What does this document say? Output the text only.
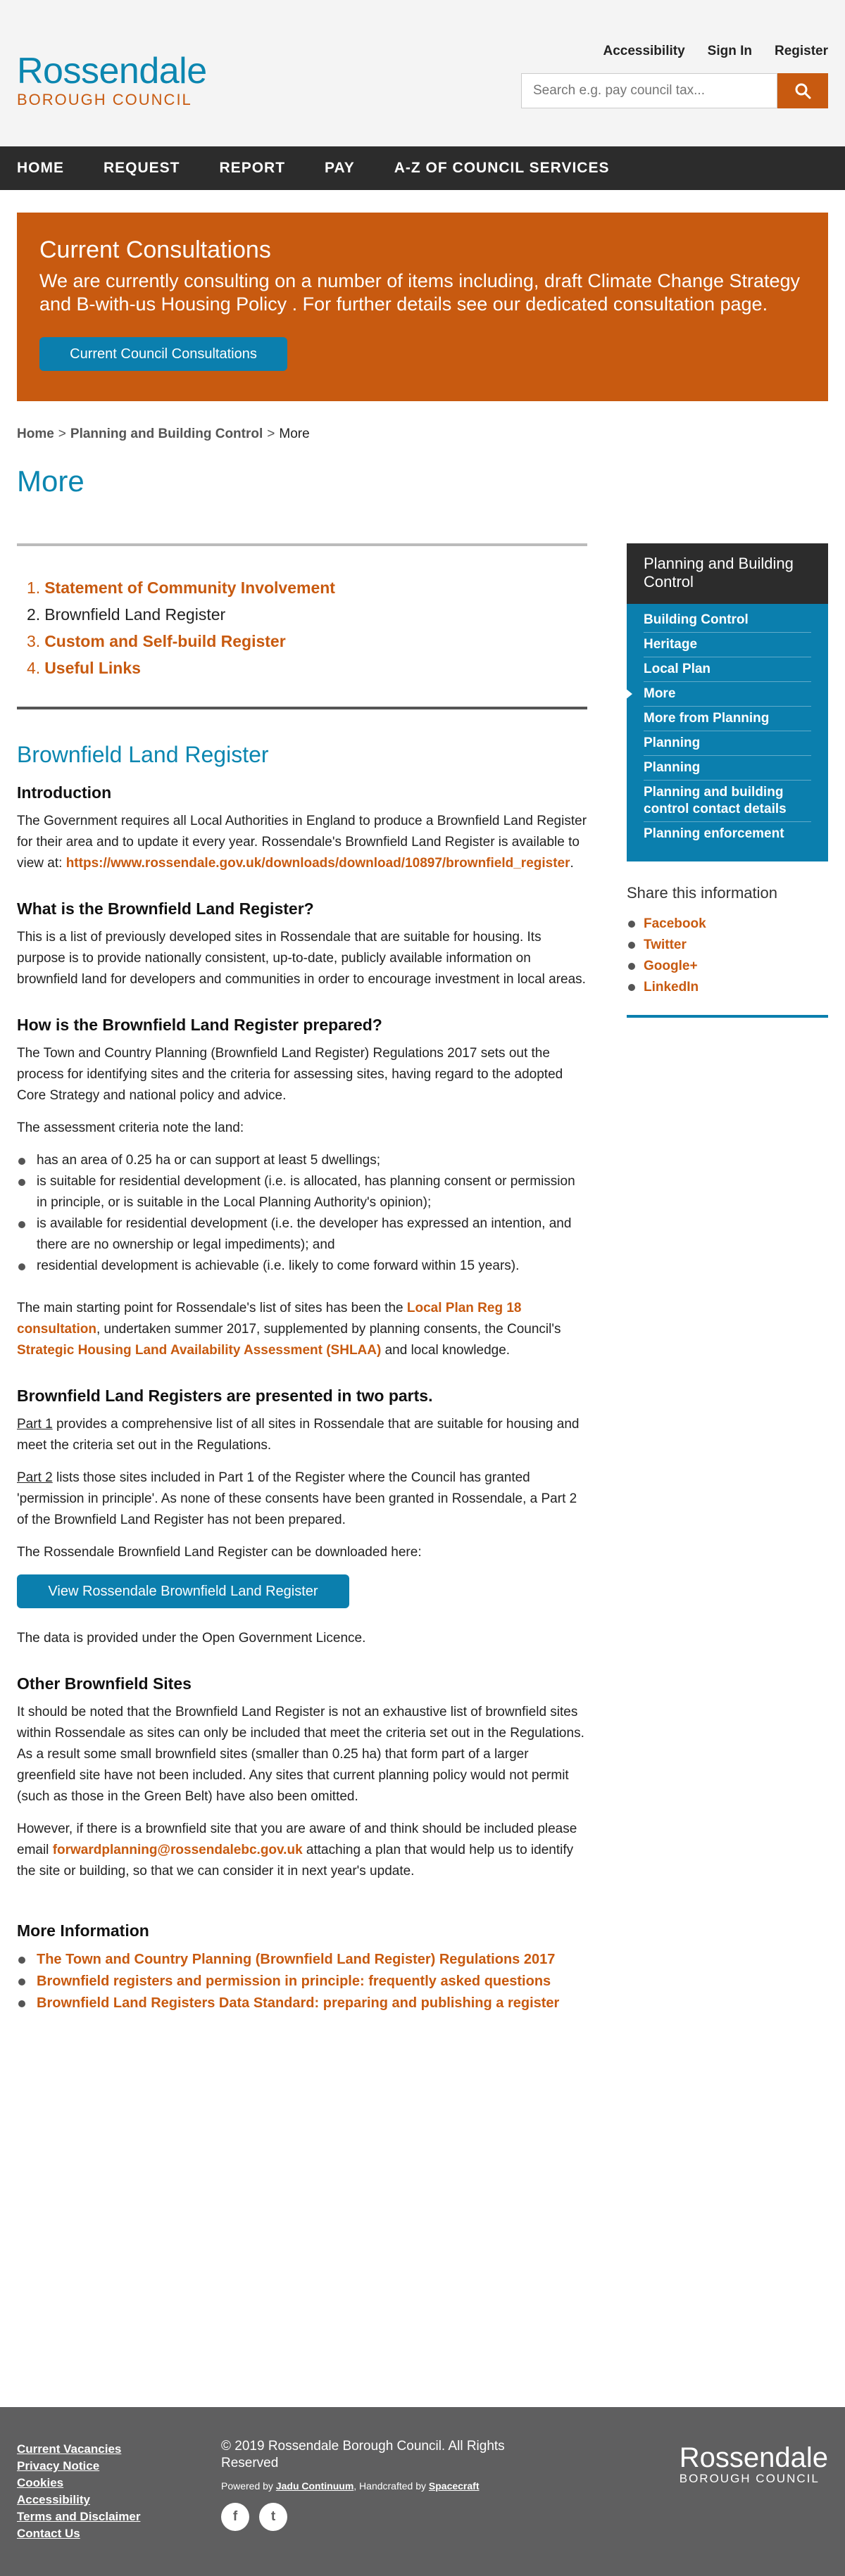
Rossendale
BOROUGH COUNCIL
Accessibility Sign In Register
Search e.g. pay council tax...
HOME	REQUEST	REPORT	PAY	A-Z OF COUNCIL SERVICES
Current Consultations

We are currently consulting on a number of items including, draft Climate Change Strategy and B-with-us Housing Policy . For further details see our dedicated consultation page.

Current Council Consultations
Home > Planning and Building Control > More
More
1. Statement of Community Involvement
2. Brownfield Land Register
3. Custom and Self-build Register
4. Useful Links
Brownfield Land Register
Introduction

The Government requires all Local Authorities in England to produce a Brownfield Land Register for their area and to update it every year. Rossendale's Brownfield Land Register is available to view at: https://www.rossendale.gov.uk/downloads/download/10897/brownfield_register.

What is the Brownfield Land Register?

This is a list of previously developed sites in Rossendale that are suitable for housing. Its purpose is to provide nationally consistent, up-to-date, publicly available information on brownfield land for developers and communities in order to encourage investment in local areas.

How is the Brownfield Land Register prepared?

The Town and Country Planning (Brownfield Land Register) Regulations 2017 sets out the process for identifying sites and the criteria for assessing sites, having regard to the adopted Core Strategy and national policy and advice.

The assessment criteria note the land:

has an area of 0.25 ha or can support at least 5 dwellings;
is suitable for residential development (i.e. is allocated, has planning consent or permission in principle, or is suitable in the Local Planning Authority's opinion);
is available for residential development (i.e. the developer has expressed an intention, and there are no ownership or legal impediments); and
residential development is achievable (i.e. likely to come forward within 15 years).

The main starting point for Rossendale's list of sites has been the Local Plan Reg 18 consultation, undertaken summer 2017, supplemented by planning consents, the Council's Strategic Housing Land Availability Assessment (SHLAA) and local knowledge.

Brownfield Land Registers are presented in two parts.

Part 1 provides a comprehensive list of all sites in Rossendale that are suitable for housing and meet the criteria set out in the Regulations.

Part 2 lists those sites included in Part 1 of the Register where the Council has granted 'permission in principle'. As none of these consents have been granted in Rossendale, a Part 2 of the Brownfield Land Register has not been prepared.

The Rossendale Brownfield Land Register can be downloaded here:

View Rossendale Brownfield Land Register

The data is provided under the Open Government Licence.

Other Brownfield Sites

It should be noted that the Brownfield Land Register is not an exhaustive list of brownfield sites within Rossendale as sites can only be included that meet the criteria set out in the Regulations. As a result some small brownfield sites (smaller than 0.25 ha) that form part of a larger greenfield site have not been included. Any sites that current planning policy would not permit (such as those in the Green Belt) have also been omitted.

However, if there is a brownfield site that you are aware of and think should be included please email forwardplanning@rossendalebc.gov.uk attaching a plan that would help us to identify the site or building, so that we can consider it in next year's update.

More Information
The Town and Country Planning (Brownfield Land Register) Regulations 2017
Brownfield registers and permission in principle: frequently asked questions
Brownfield Land Registers Data Standard: preparing and publishing a register
Planning and Building Control
Building Control
Heritage
Local Plan
More
More from Planning
Planning
Planning
Planning and building control contact details
Planning enforcement
Share this information
Facebook
Twitter
Google+
LinkedIn
Current Vacancies
Privacy Notice
Cookies
Accessibility
Terms and Disclaimer
Contact Us
© 2019 Rossendale Borough Council. All Rights Reserved
Powered by Jadu Continuum, Handcrafted by Spacecraft
f	t
Rossendale
BOROUGH COUNCIL
